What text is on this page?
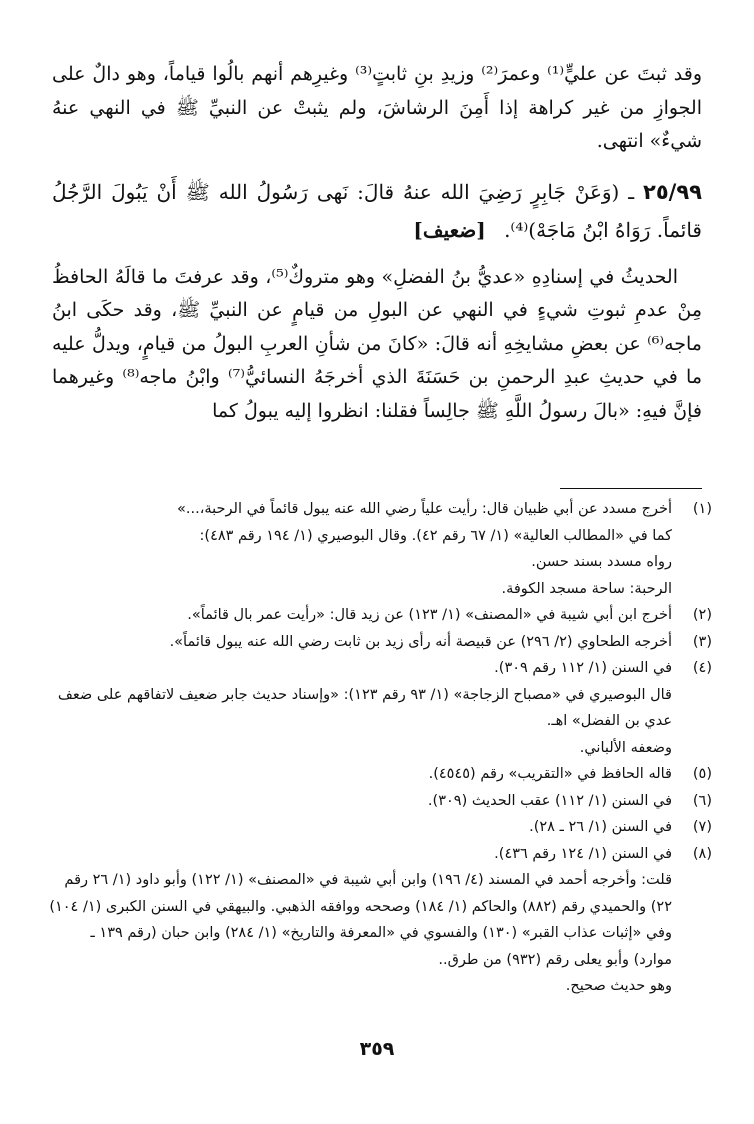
وقد ثبتَ عن عليٍّ⁽¹⁾ وعمرَ⁽²⁾ وزيدِ بنِ ثابتٍ⁽³⁾ وغيرِهم أنهم بالُوا قياماً، وهو دالٌ على الجوازِ من غير كراهة إذا أَمِنَ الرشاشَ، ولم يثبتْ عن النبيِّ ﷺ في النهي عنهُ شيءٌ» انتهى.

٢٥/٩٩ ـ (وَعَنْ جَابِرٍ رَضِيَ الله عنهُ قالَ: نَهى رَسُولُ الله ﷺ أَنْ يَبُولَ الرَّجُلُ قائماً. رَوَاهُ ابْنُ مَاجَهْ)⁽⁴⁾. [ضعيف]

الحديثُ في إسنادِهِ «عديُّ بنُ الفضلِ» وهو متروكٌ⁽⁵⁾، وقد عرفتَ ما قالَهُ الحافظُ مِنْ عدمِ ثبوتِ شيءٍ في النهي عن البولِ من قيامٍ عن النبيِّ ﷺ، وقد حكَى ابنُ ماجه⁽⁶⁾ عن بعضِ مشايخِهِ أنه قالَ: «كانَ من شأنِ العربِ البولُ من قيامٍ، ويدلُّ عليه ما في حديثِ عبدِ الرحمنِ بن حَسَنَةَ الذي أخرجَهُ النسائيُّ⁽⁷⁾ وابْنُ ماجه⁽⁸⁾ وغيرهما فإنَّ فيهِ: «بالَ رسولُ اللَّهِ ﷺ جالِساً فقلنا: انظروا إليه يبولُ كما

(١)
أخرج مسدد عن أبي ظبيان قال: رأيت علياً رضي الله عنه يبول قائماً في الرحبة،...»
كما في «المطالب العالية» (١/ ٦٧ رقم ٤٢). وقال البوصيري (١/ ١٩٤ رقم ٤٨٣):
رواه مسدد بسند حسن.
الرحبة: ساحة مسجد الكوفة.
(٢)
أخرج ابن أبي شيبة في «المصنف» (١/ ١٢٣) عن زيد قال: «رأيت عمر بال قائماً».
(٣)
أخرجه الطحاوي (٢/ ٢٩٦) عن قبيصة أنه رأى زيد بن ثابت رضي الله عنه يبول قائماً».
(٤)
في السنن (١/ ١١٢ رقم ٣٠٩).
قال البوصيري في «مصباح الزجاجة» (١/ ٩٣ رقم ١٢٣): «وإسناد حديث جابر ضعيف لاتفاقهم على ضعف عدي بن الفضل» اهـ.
وضعفه الألباني.
(٥)
قاله الحافظ في «التقريب» رقم (٤٥٤٥).
(٦)
في السنن (١/ ١١٢) عقب الحديث (٣٠٩).
(٧)
في السنن (١/ ٢٦ ـ ٢٨).
(٨)
في السنن (١/ ١٢٤ رقم ٤٣٦).
قلت: وأخرجه أحمد في المسند (٤/ ١٩٦) وابن أبي شيبة في «المصنف» (١/ ١٢٢) وأبو داود (١/ ٢٦ رقم ٢٢) والحميدي رقم (٨٨٢) والحاكم (١/ ١٨٤) وصححه ووافقه الذهبي. والبيهقي في السنن الكبرى (١/ ١٠٤) وفي «إثبات عذاب القبر» (١٣٠) والفسوي في «المعرفة والتاريخ» (١/ ٢٨٤) وابن حبان (رقم ١٣٩ ـ موارد) وأبو يعلى رقم (٩٣٢) من طرق..
وهو حديث صحيح.
٣٥٩
